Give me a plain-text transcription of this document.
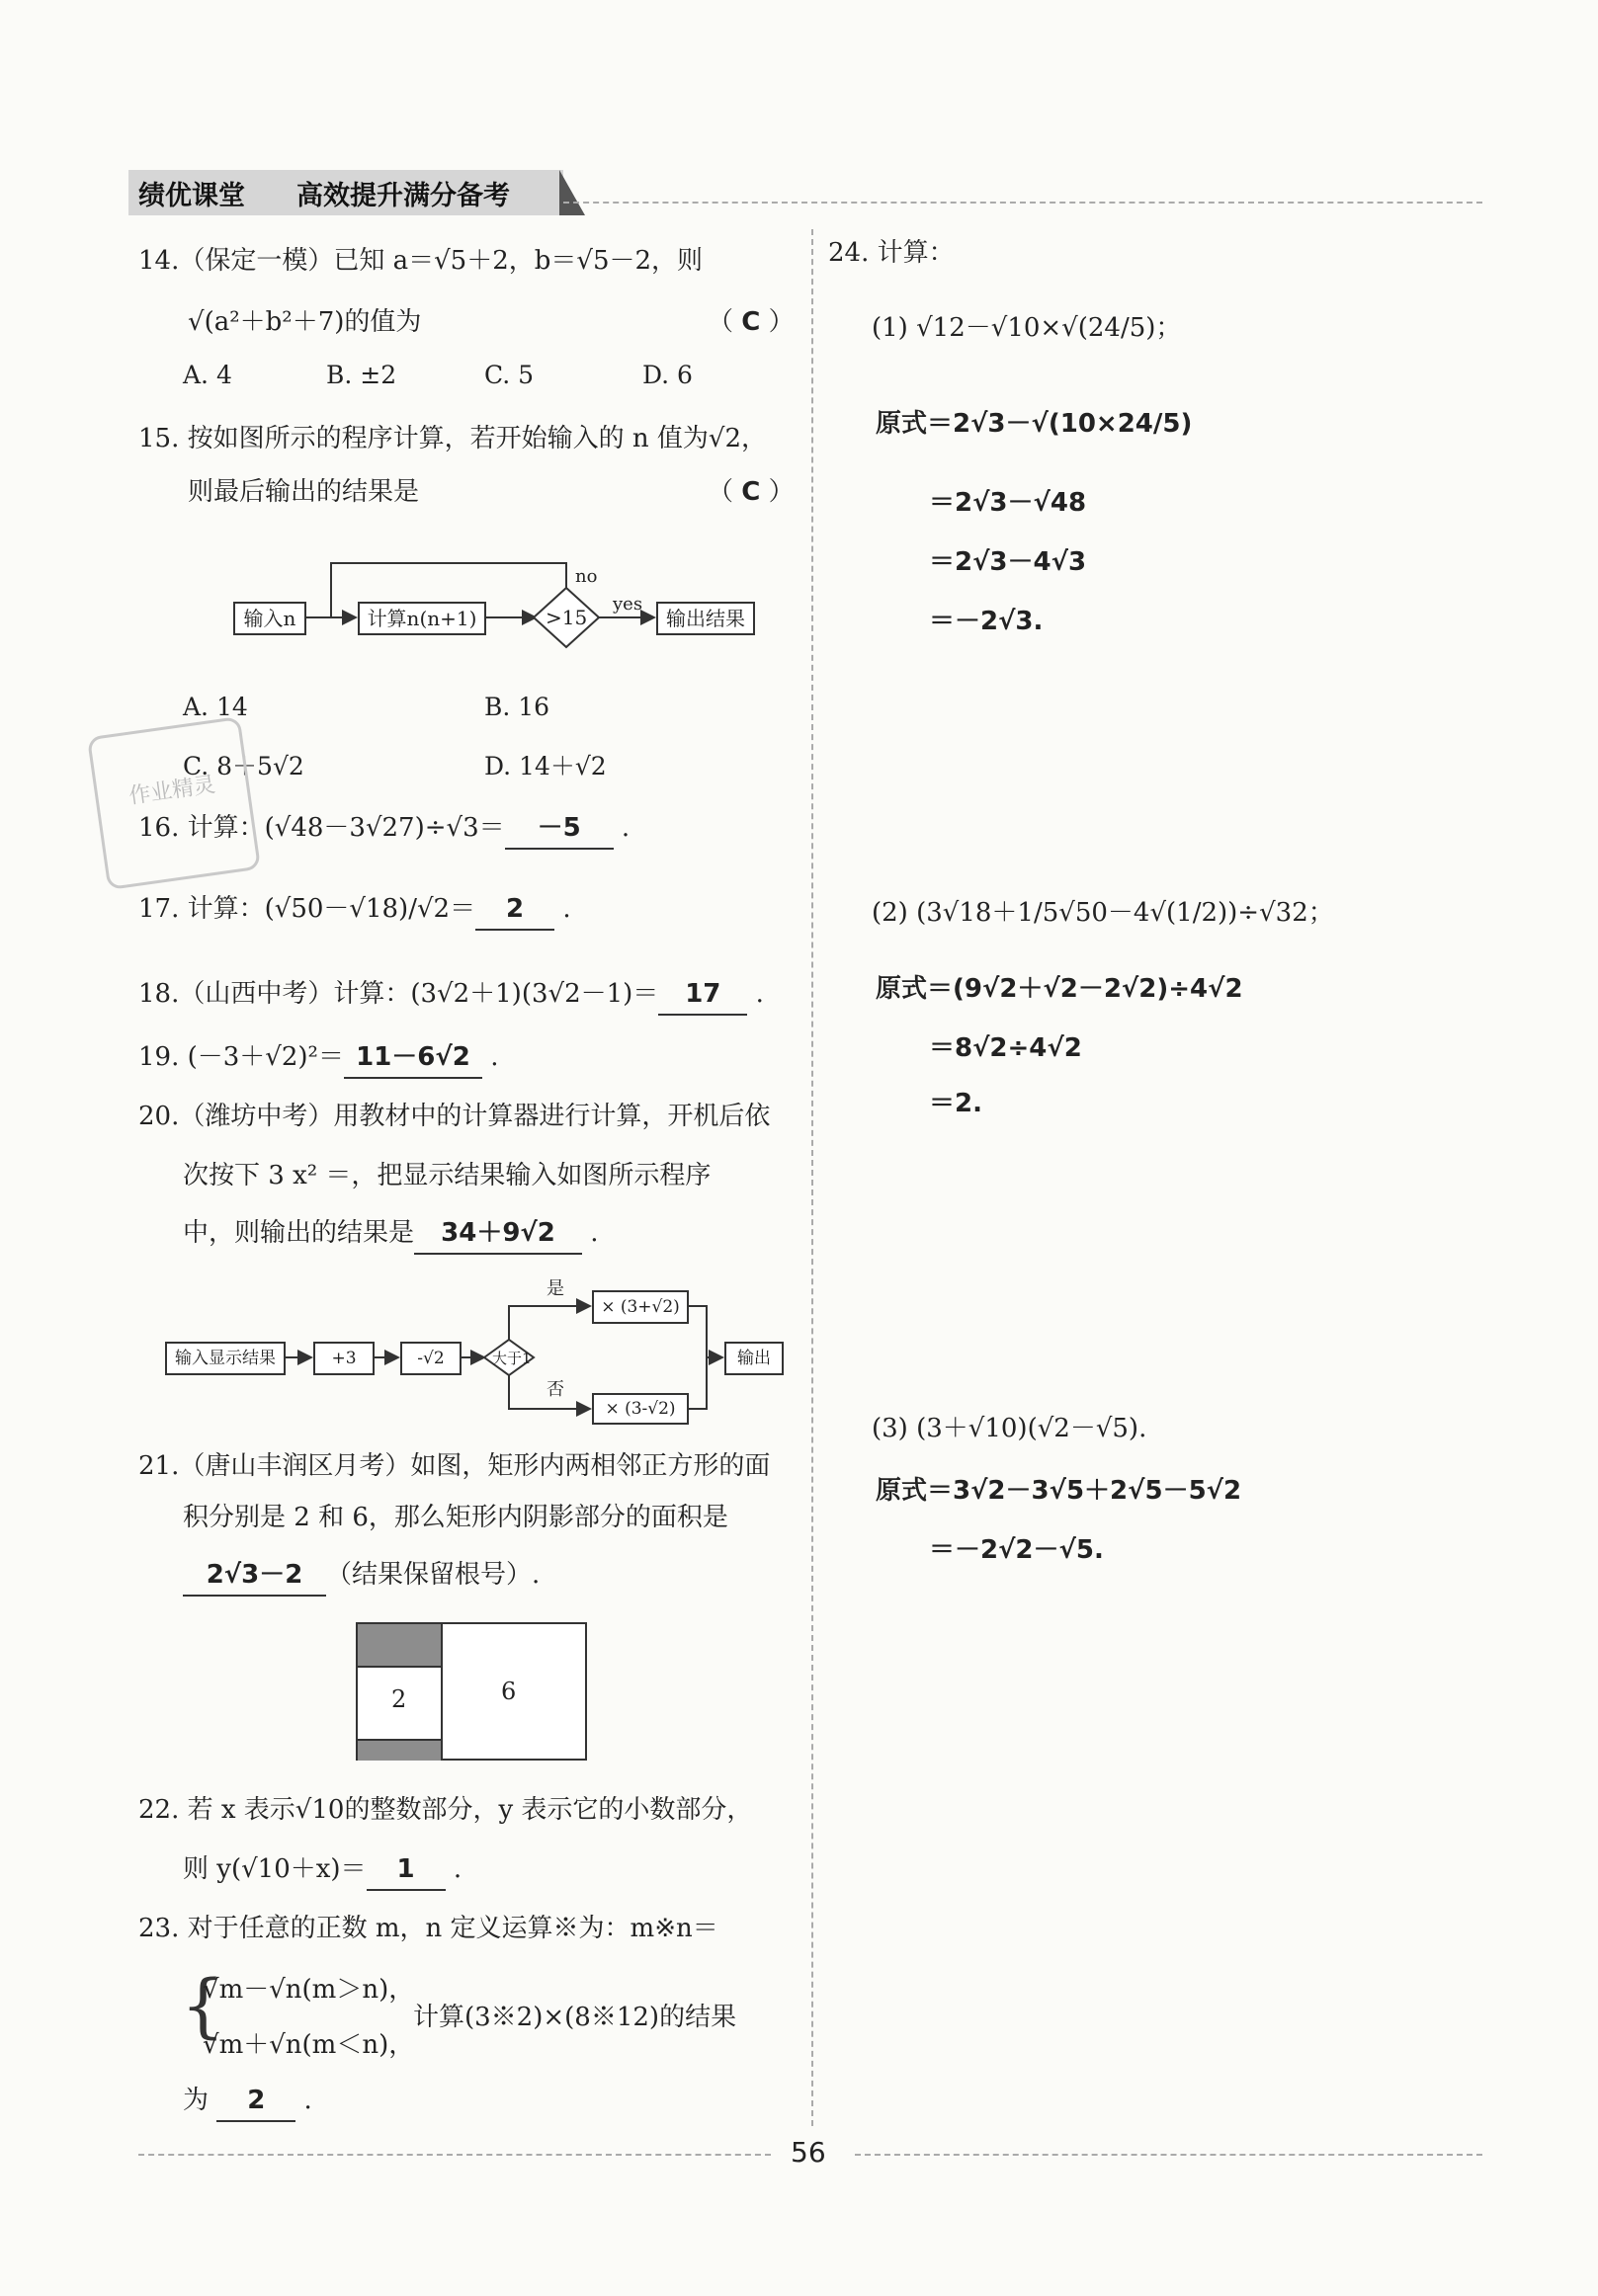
绩优课堂 高效提升满分备考
14.（保定一模）已知 a＝√5＋2，b＝√5－2，则
√(a²＋b²＋7)的值为	（ C ）
A. 4	B. ±2	C. 5	D. 6
15. 按如图所示的程序计算，若开始输入的 n 值为√2，
则最后输出的结果是	（ C ）
输入n	计算n(n+1)	>15
no
yes
输出结果
A. 14	B. 16
C. 8＋5√2	D. 14＋√2
作业精灵
16. 计算：(√48－3√27)÷√3＝ －5 .
17. 计算：(√50－√18)/√2＝ 2 .
18.（山西中考）计算：(3√2＋1)(3√2－1)＝ 17 .
19. (－3＋√2)²＝ 11－6√2 .
20.（潍坊中考）用教材中的计算器进行计算，开机后依
次按下 3 x² ＝，把显示结果输入如图所示程序
中，则输出的结果是 34＋9√2 .
输入显示结果	+3	-√2	大于1
是
否
× (3+√2)
× (3-√2)
输出
21.（唐山丰润区月考）如图，矩形内两相邻正方形的面
积分别是 2 和 6，那么矩形内阴影部分的面积是
2√3－2 （结果保留根号）.
2	6
22. 若 x 表示√10的整数部分，y 表示它的小数部分，
则 y(√10＋x)＝ 1 .
23. 对于任意的正数 m，n 定义运算※为：m※n＝
{
√m－√n(m＞n)，
√m＋√n(m＜n)，
计算(3※2)×(8※12)的结果
为 2 .
24. 计算：
(1) √12－√10×√(24/5)；
原式＝2√3－√(10×24/5)
＝2√3－√48
＝2√3－4√3
＝－2√3.
(2) (3√18＋1/5√50－4√(1/2))÷√32；
原式＝(9√2＋√2－2√2)÷4√2
＝8√2÷4√2
＝2.
(3) (3＋√10)(√2－√5).
原式＝3√2－3√5＋2√5－5√2
＝－2√2－√5.
56
